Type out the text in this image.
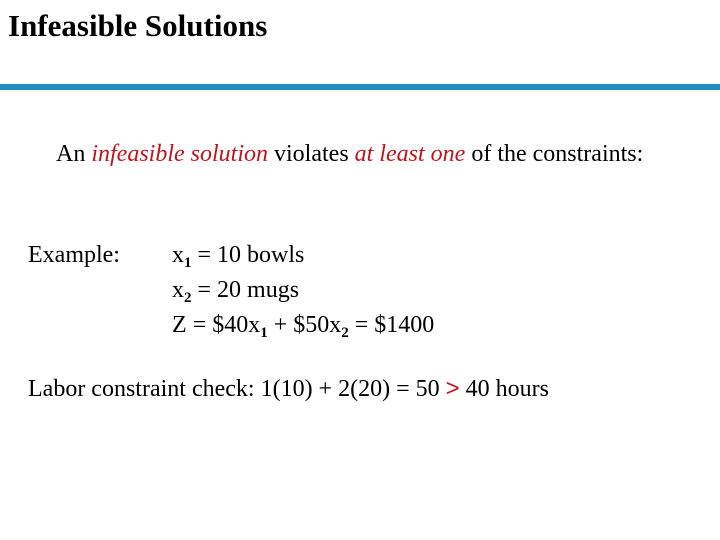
Infeasible Solutions
An infeasible solution violates at least one of the constraints:
Example: $x_1 = 10$ bowls
$x_2 = 20$ mugs
$Z = \$40x_1$ + $\$50x_2$ = $1400
Labor constraint check: 1(10) + 2(20) = 50 > 40 hours
